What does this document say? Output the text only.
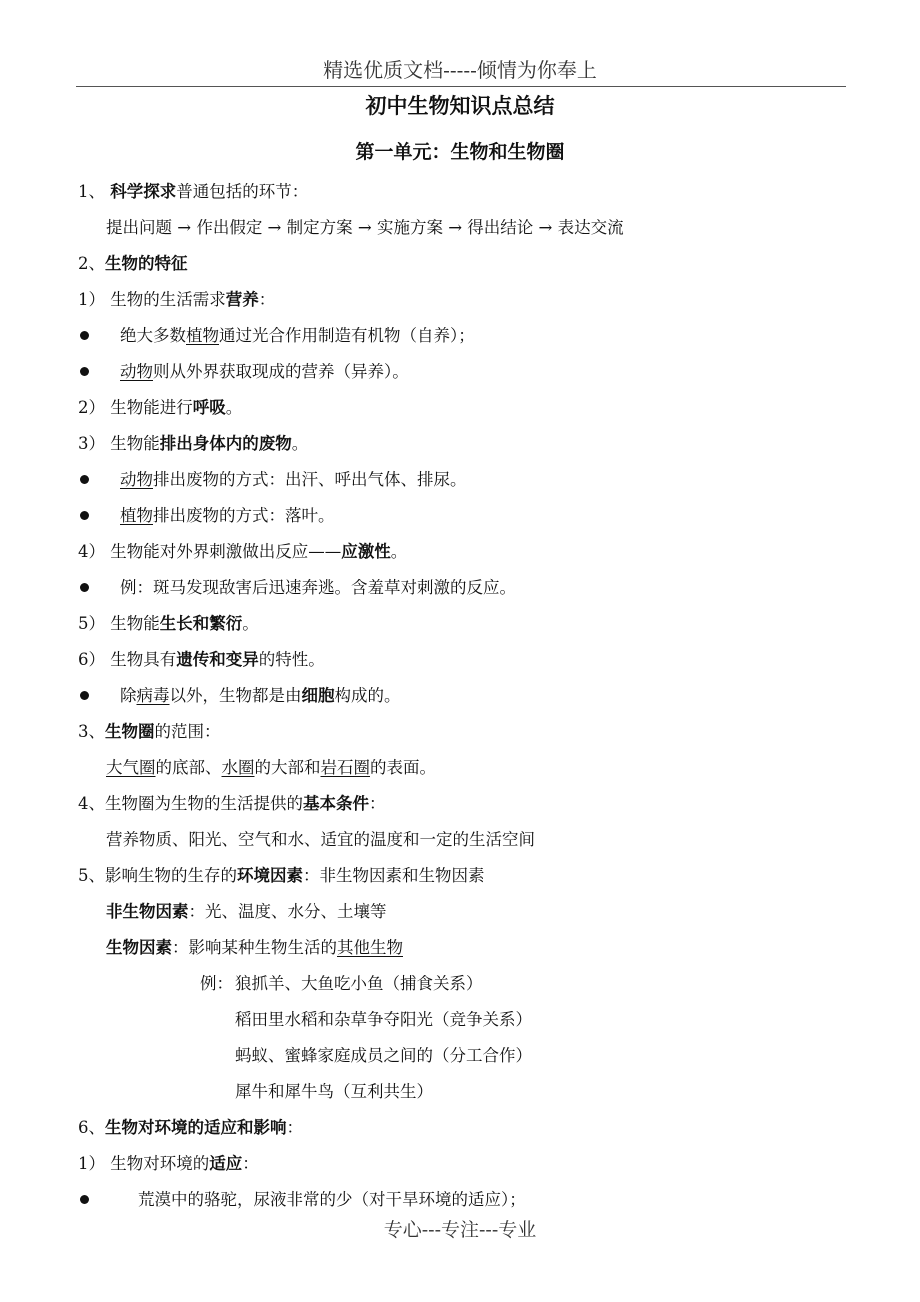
精选优质文档-----倾情为你奉上
初中生物知识点总结
第一单元：生物和生物圈
1、 科学探求普通包括的环节：
提出问题 → 作出假定 → 制定方案 → 实施方案 → 得出结论 → 表达交流
2、生物的特征
1） 生物的生活需求营养：
绝大多数植物通过光合作用制造有机物（自养）；
动物则从外界获取现成的营养（异养）。
2） 生物能进行呼吸。
3） 生物能排出身体内的废物。
动物排出废物的方式：出汗、呼出气体、排尿。
植物排出废物的方式：落叶。
4） 生物能对外界刺激做出反应——应激性。
例：斑马发现敌害后迅速奔逃。含羞草对刺激的反应。
5） 生物能生长和繁衍。
6） 生物具有遗传和变异的特性。
除病毒以外，生物都是由细胞构成的。
3、生物圈的范围：
大气圈的底部、水圈的大部和岩石圈的表面。
4、生物圈为生物的生活提供的基本条件：
营养物质、阳光、空气和水、适宜的温度和一定的生活空间
5、影响生物的生存的环境因素：非生物因素和生物因素
非生物因素：光、温度、水分、土壤等
生物因素：影响某种生物生活的其他生物
例： 狼抓羊、大鱼吃小鱼（捕食关系）
稻田里水稻和杂草争夺阳光（竞争关系）
蚂蚁、蜜蜂家庭成员之间的（分工合作）
犀牛和犀牛鸟（互利共生）
6、生物对环境的适应和影响：
1） 生物对环境的适应：
荒漠中的骆驼，尿液非常的少（对干旱环境的适应）；
专心---专注---专业
